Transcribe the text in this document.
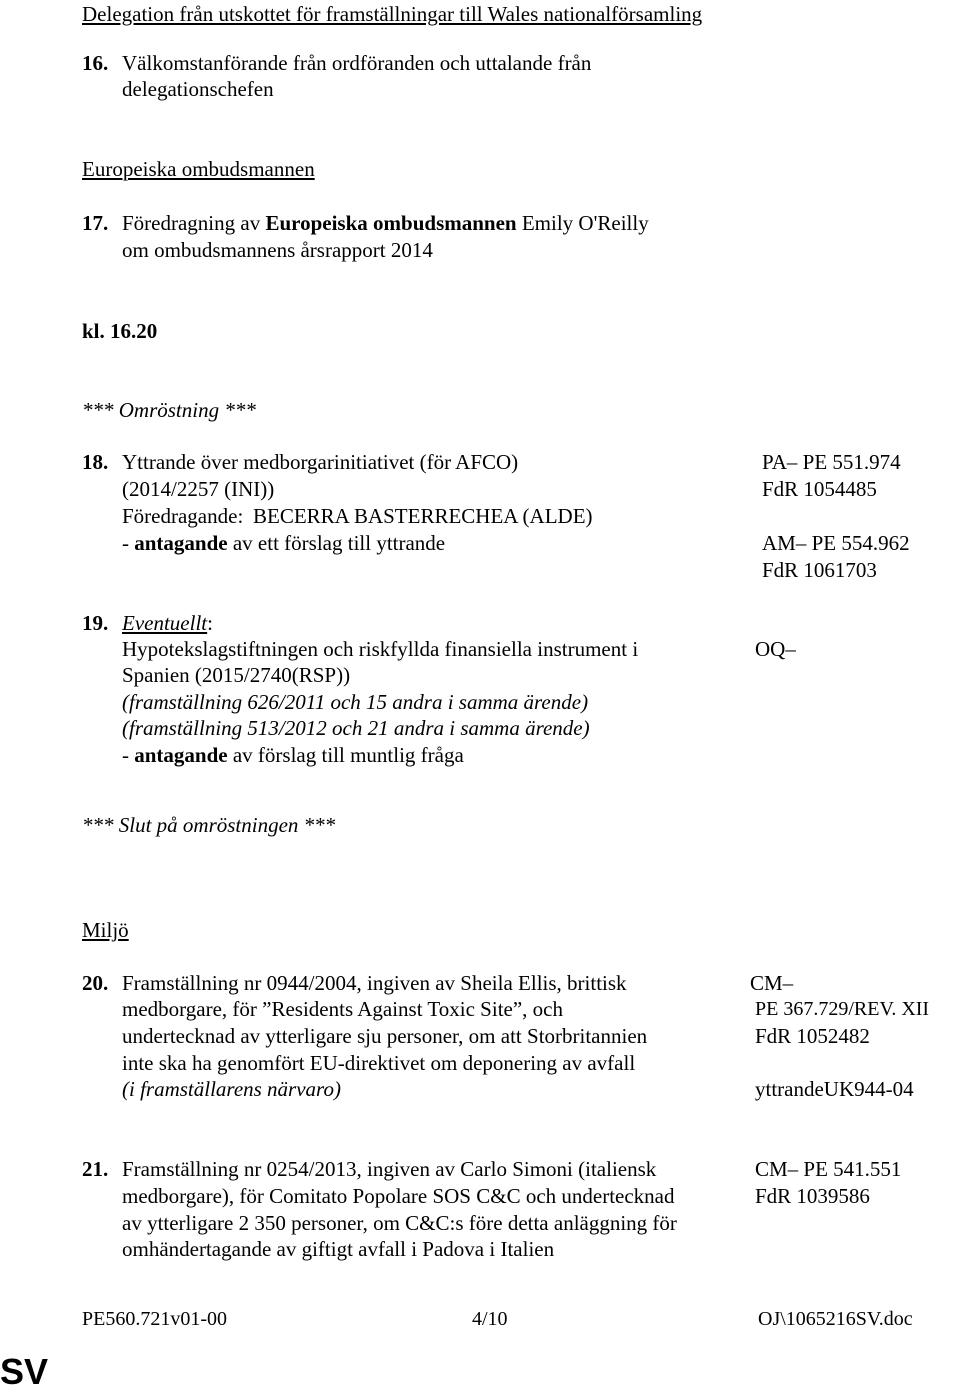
Delegation från utskottet för framställningar till Wales nationalförsamling
16. Välkomstanförande från ordföranden och uttalande från
delegationschefen
Europeiska ombudsmannen
17. Föredragning av Europeiska ombudsmannen Emily O'Reilly
om ombudsmannens årsrapport 2014
kl. 16.20
*** Omröstning ***
18. Yttrande över medborgarinitiativet (för AFCO)
(2014/2257 (INI))
Föredragande: BECERRA BASTERRECHEA (ALDE)
- antagande av ett förslag till yttrande
PA– PE 551.974
FdR 1054485
AM– PE 554.962
FdR 1061703
19. Eventuellt:
Hypotekslagstiftningen och riskfyllda finansiella instrument i
Spanien (2015/2740(RSP))
(framställning 626/2011 och 15 andra i samma ärende)
(framställning 513/2012 och 21 andra i samma ärende)
- antagande av förslag till muntlig fråga
OQ–
*** Slut på omröstningen ***
Miljö
20. Framställning nr 0944/2004, ingiven av Sheila Ellis, brittisk
medborgare, för ”Residents Against Toxic Site”, och
undertecknad av ytterligare sju personer, om att Storbritannien
inte ska ha genomfört EU-direktivet om deponering av avfall
(i framställarens närvaro)
CM–
PE 367.729/REV. XII
FdR 1052482
yttrandeUK944-04
21. Framställning nr 0254/2013, ingiven av Carlo Simoni (italiensk
medborgare), för Comitato Popolare SOS C&C och undertecknad
av ytterligare 2 350 personer, om C&C:s före detta anläggning för
omhändertagande av giftigt avfall i Padova i Italien
CM– PE 541.551
FdR 1039586
PE560.721v01-00	4/10	OJ\1065216SV.doc
SV
